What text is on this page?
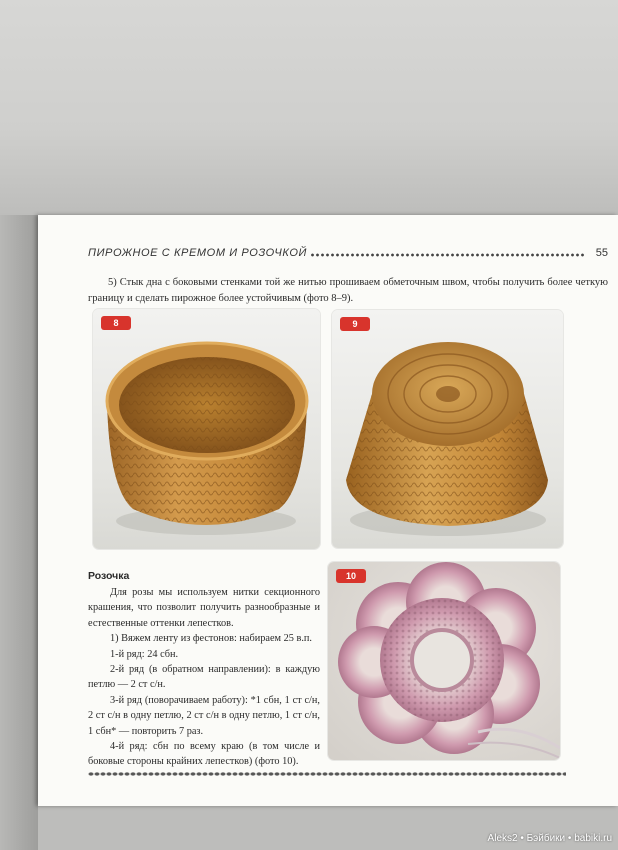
ПИРОЖНОЕ С КРЕМОМ И РОЗОЧКОЙ	55
5) Стык дна с боковыми стенками той же нитью прошиваем обметочным швом, чтобы получить более четкую границу и сделать пирожное более устойчивым (фото 8–9).
8	9
Розочка

Для розы мы используем нитки секционного крашения, что позволит получить разнообразные и естественные оттенки лепестков.

1) Вяжем ленту из фестонов: набираем 25 в.п.

1-й ряд: 24 сбн.

2-й ряд (в обратном направлении): в каждую петлю — 2 ст с/н.

3-й ряд (поворачиваем работу): *1 сбн, 1 ст с/н, 2 ст с/н в одну петлю, 2 ст с/н в одну петлю, 1 ст с/н, 1 сбн* — повторить 7 раз.

4-й ряд: сбн по всему краю (в том числе и боковые стороны крайних лепестков) (фото 10).

10
Aleks2 • Бэйбики • babiki.ru
